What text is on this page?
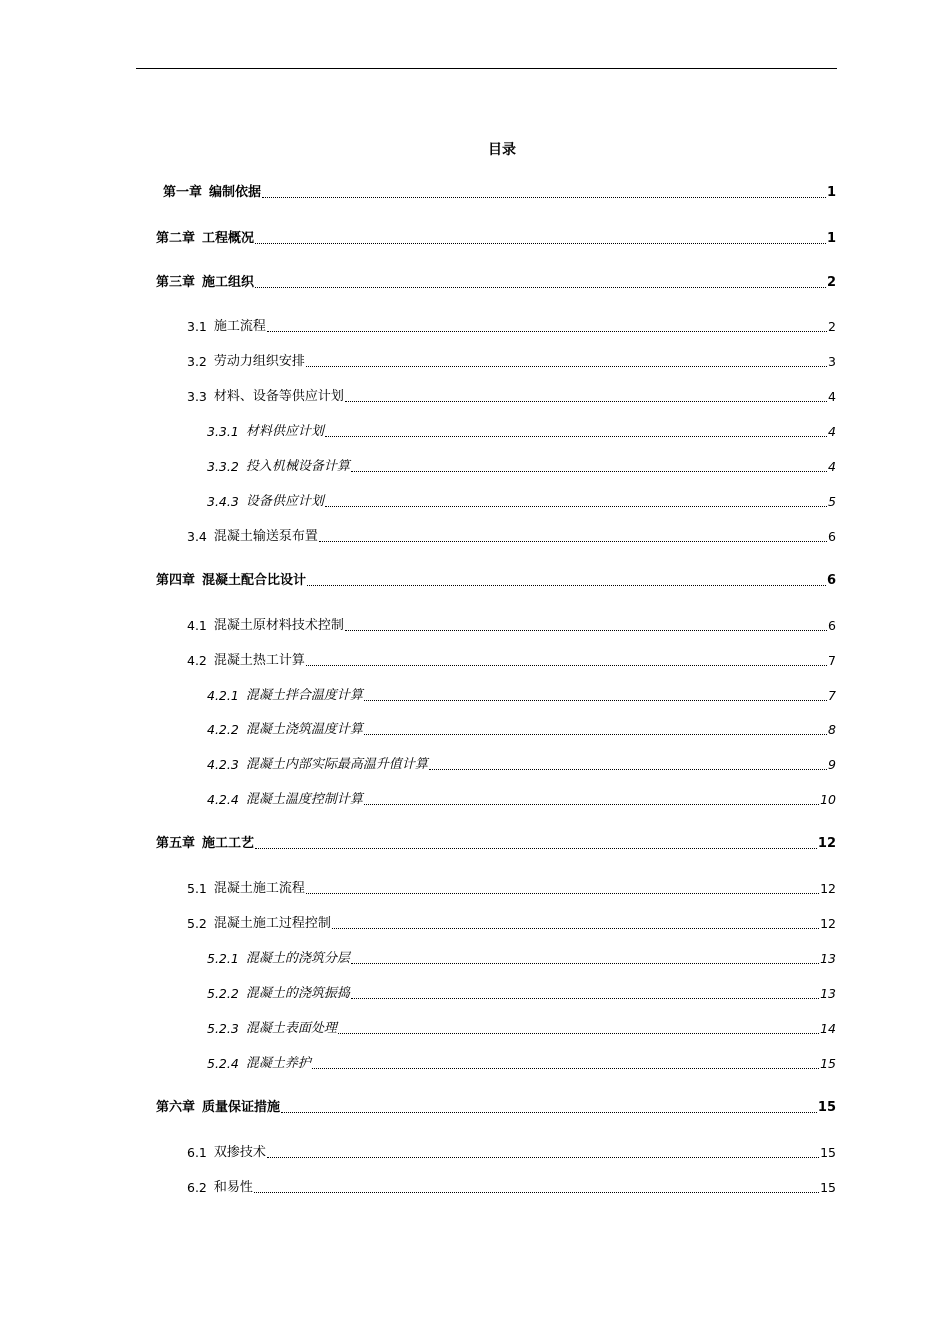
目录
第一章 编制依据	1
第二章 工程概况	1
第三章 施工组织	2
3.1 施工流程	2
3.2 劳动力组织安排	3
3.3 材料、设备等供应计划	4
3.3.1 材料供应计划	4
3.3.2 投入机械设备计算	4
3.4.3 设备供应计划	5
3.4 混凝土输送泵布置	6
第四章 混凝土配合比设计	6
4.1 混凝土原材料技术控制	6
4.2 混凝土热工计算	7
4.2.1 混凝土拌合温度计算	7
4.2.2 混凝土浇筑温度计算	8
4.2.3 混凝土内部实际最高温升值计算	9
4.2.4 混凝土温度控制计算	10
第五章 施工工艺	12
5.1 混凝土施工流程	12
5.2 混凝土施工过程控制	12
5.2.1 混凝土的浇筑分层	13
5.2.2 混凝土的浇筑振捣	13
5.2.3 混凝土表面处理	14
5.2.4 混凝土养护	15
第六章 质量保证措施	15
6.1 双掺技术	15
6.2 和易性	15
